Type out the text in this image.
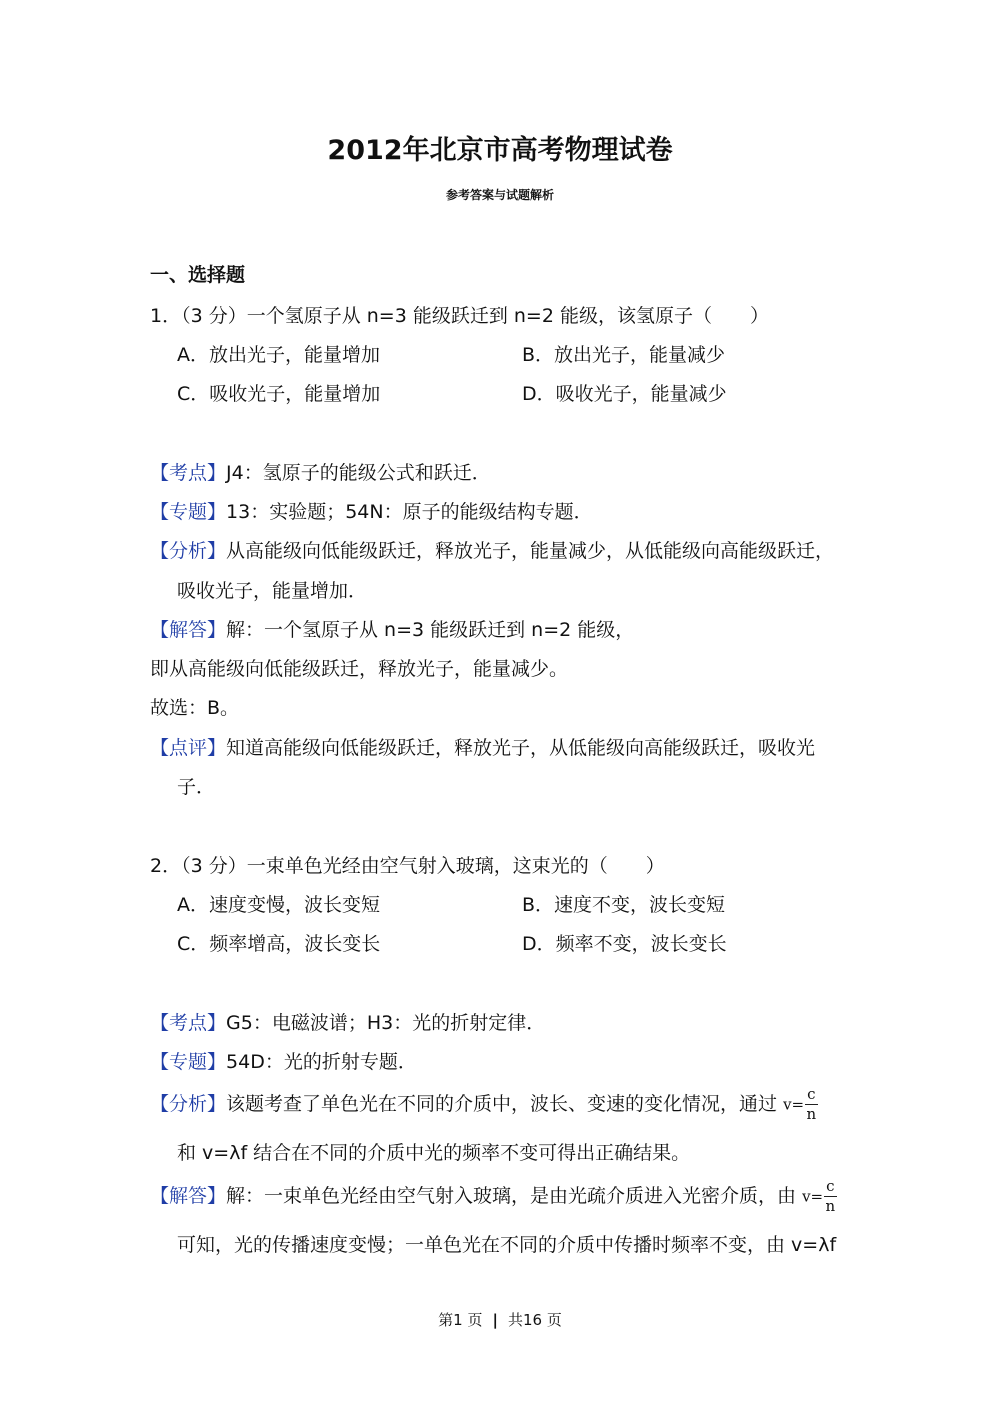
2012年北京市高考物理试卷
参考答案与试题解析
一、选择题
1．（3 分）一个氢原子从 n=3 能级跃迁到 n=2 能级，该氢原子（　　）
A．放出光子，能量增加	B．放出光子，能量减少
C．吸收光子，能量增加	D．吸收光子，能量减少
【考点】J4：氢原子的能级公式和跃迁．
【专题】13：实验题；54N：原子的能级结构专题．
【分析】从高能级向低能级跃迁，释放光子，能量减少，从低能级向高能级跃迁，
吸收光子，能量增加．
【解答】解：一个氢原子从 n=3 能级跃迁到 n=2 能级，
即从高能级向低能级跃迁，释放光子，能量减少。
故选：B。
【点评】知道高能级向低能级跃迁，释放光子，从低能级向高能级跃迁，吸收光
子．
2．（3 分）一束单色光经由空气射入玻璃，这束光的（　　）
A．速度变慢，波长变短	B．速度不变，波长变短
C．频率增高，波长变长	D．频率不变，波长变长
【考点】G5：电磁波谱；H3：光的折射定律．
【专题】54D：光的折射专题．
【分析】该题考查了单色光在不同的介质中，波长、变速的变化情况，通过 $v= \frac{c}{n}$
和 v=λf 结合在不同的介质中光的频率不变可得出正确结果。
【解答】解：一束单色光经由空气射入玻璃，是由光疏介质进入光密介质，由 $v= \frac{c}{n}$
可知，光的传播速度变慢；一单色光在不同的介质中传播时频率不变，由 v=λf
第1 页 | 共16 页
